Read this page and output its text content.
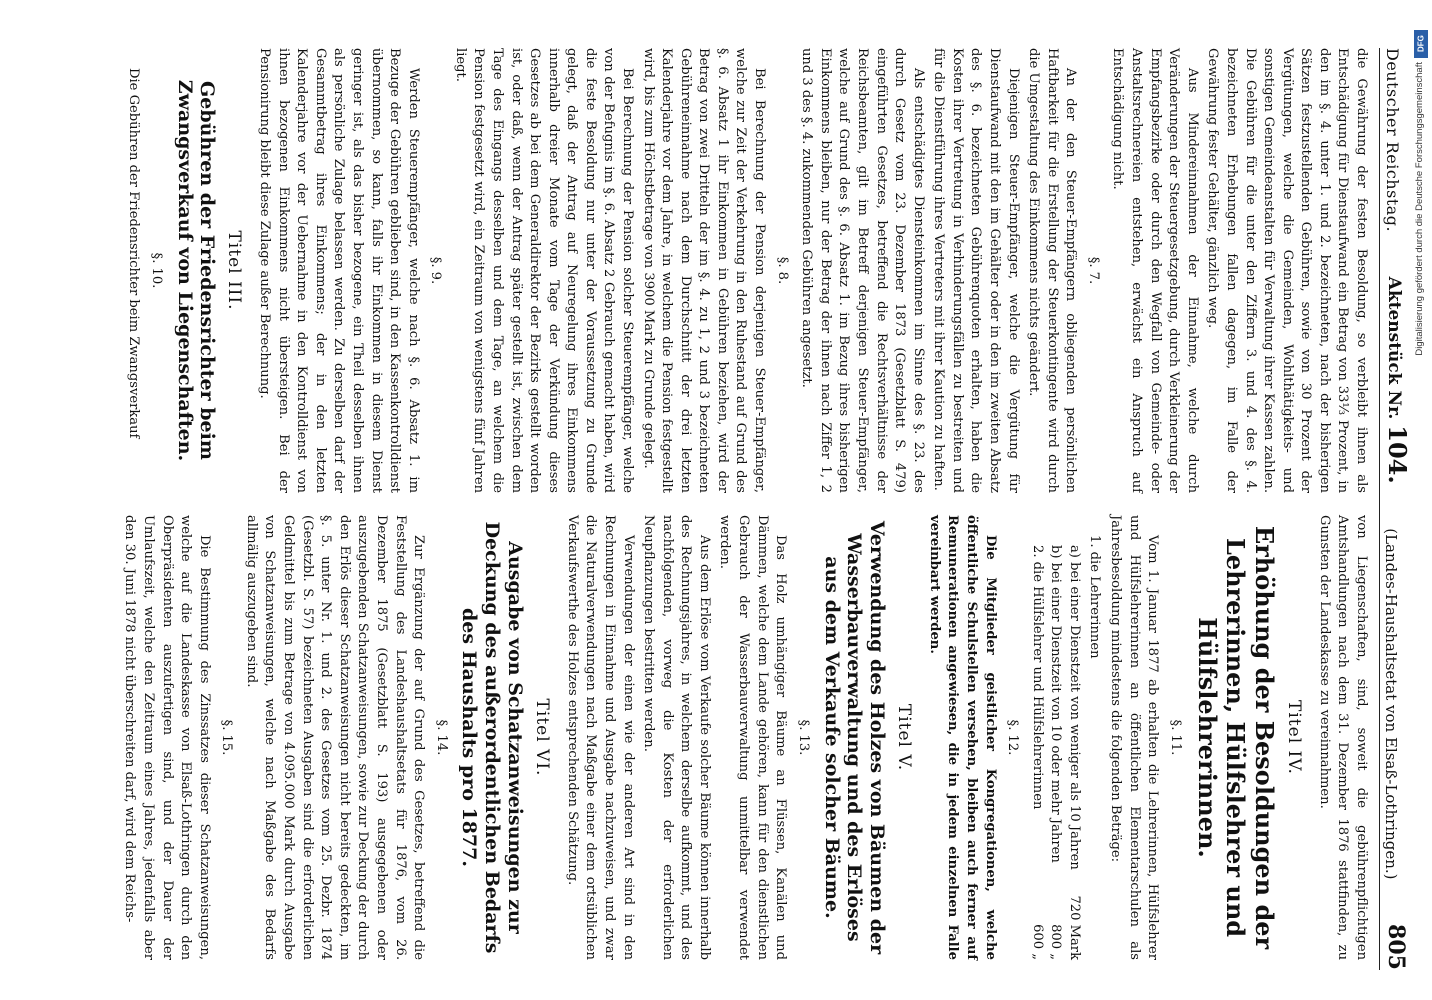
Deutscher Reichstag.
Aktenstück Nr. 104.
(Landes-Haushaltsetat von Elsaß-Lothringen.)
805

die Gewährung der festen Besoldung, so verbleibt ihnen als Entschädigung für Dienstaufwand ein Betrag von 33⅓ Prozent, in den im §. 4. unter 1. und 2. bezeichneten, nach der bisherigen Sätzen festzustellenden Gebühren, sowie von 30 Prozent der Vergütungen, welche die Gemeinden, Wohlthätigkeits- und sonstigen Gemeindeanstalten für Verwaltung ihrer Kassen zahlen. Die Gebühren für die unter den Ziffern 3. und 4. des §. 4. bezeichneten Erhebungen fallen dagegen, im Falle der Gewährung fester Gehälter, gänzlich weg.

Aus Mindereinnahmen der Einnahme, welche durch Veränderungen der Steuergesetzgebung, durch Verkleinerung der Empfangsbezirke oder durch den Wegfall von Gemeinde- oder Anstaltsrechnereien entstehen, erwächst ein Anspruch auf Entschädigung nicht.

§. 7.

An der den Steuer-Empfängern obliegenden persönlichen Haftbarkeit für die Erstellung der Steuerkontingente wird durch die Umgestaltung des Einkommens nichts geändert.

Diejenigen Steuer-Empfänger, welche die Vergütung für Dienstaufwand mit den im Gehälter oder in den im zweiten Absatz des §. 6. bezeichneten Gebührenquoten erhalten, haben die Kosten ihrer Vertretung in Verhinderungsfällen zu bestreiten und für die Dienstführung ihres Vertreters mit ihrer Kaution zu haften.

Als entschädigtes Diensteinkommen im Sinne des §. 23. des durch Gesetz vom 23. Dezember 1873 (Gesetzblatt S. 479) eingeführten Gesetzes, betreffend die Rechtsverhältnisse der Reichsbeamten, gilt im Betreff derjenigen Steuer-Empfänger, welche auf Grund des §. 6. Absatz 1. im Bezug ihres bisherigen Einkommens bleiben, nur der Betrag der ihnen nach Ziffer 1, 2 und 3 des §. 4. zukommenden Gebühren angesetzt.

§. 8.

Bei Berechnung der Pension derjenigen Steuer-Empfänger, welche zur Zeit der Verkehrung in den Ruhestand auf Grund des §. 6. Absatz 1 ihr Einkommen in Gebühren beziehen, wird der Betrag von zwei Dritteln der im §. 4. zu 1, 2 und 3 bezeichneten Gebühreneinnahme nach dem Durchschnitt der drei letzten Kalenderjahre vor dem Jahre, in welchem die Pension festgestellt wird, bis zum Höchstbetrage von 3900 Mark zu Grunde gelegt.

Bei Berechnung der Pension solcher Steuerempfänger, welche von der Befugnis im §. 6. Absatz 2 Gebrauch gemacht haben, wird die feste Besoldung nur unter der Voraussetzung zu Grunde gelegt, daß der Antrag auf Neuregelung ihres Einkommens innerhalb dreier Monate vom Tage der Verkündung dieses Gesetzes ab bei dem Generaldirektor der Bezirks gestellt worden ist, oder daß, wenn der Antrag später gestellt ist, zwischen dem Tage des Eingangs desselben und dem Tage, an welchem die Pension festgesetzt wird, ein Zeitraum von wenigstens fünf Jahren liegt.

§. 9.

Werden Steuerempfänger, welche nach §. 6. Absatz 1. im Bezuge der Gebühren geblieben sind, in den Kassenkontrolldienst übernommen, so kann, falls ihr Einkommen in diesem Dienst geringer ist, als das bisher bezogene, ein Theil desselben ihnen als persönliche Zulage belassen werden. Zu derselben darf der Gesammtbetrag ihres Einkommens; der in den letzten Kalenderjahre vor der Uebernahme in den Kontrolldienst von ihnen bezogenen Einkommens nicht übersteigen. Bei der Pensionirung bleibt diese Zulage außer Berechnung.

Titel III.
Gebühren der Friedensrichter beim Zwangsverkauf von Liegenschaften.
§. 10.

Die Gebühren der Friedensrichter beim Zwangsverkauf

von Liegenschaften, sind, soweit die gebührenpflichtigen Amtshandlungen nach dem 31. Dezember 1876 stattfinden, zu Gunsten der Landeskasse zu vereinnahmen.

Titel IV.
Erhöhung der Besoldungen der Lehrerinnen, Hülfslehrer und Hülfslehrerinnen.
§. 11.

Vom 1. Januar 1877 ab erhalten die Lehrerinnen, Hülfslehrer und Hülfslehrerinnen an öffentlichen Elementarschulen als Jahresbesoldung mindestens die folgenden Beträge:

1. die Lehrerinnen

a) bei einer Dienstzeit von weniger als 10 Jahren
720 Mark
b) bei einer Dienstzeit von 10 oder mehr Jahren
800 „
2. die Hülfslehrer und Hülfslehrerinnen
600 „
§. 12.

Die Mitglieder geistlicher Kongregationen, welche öffentliche Schulstellen versehen, bleiben auch ferner auf Remunerationen angewiesen, die in jedem einzelnen Falle vereinbart werden.

Titel V.
Verwendung des Holzes von Bäumen der Wasserbauverwaltung und des Erlöses aus dem Verkaufe solcher Bäume.
§. 13.

Das Holz umhängiger Bäume an Flüssen, Kanälen und Dämmen, welche dem Lande gehören, kann für den dienstlichen Gebrauch der Wasserbauverwaltung unmittelbar verwendet werden.

Aus dem Erlöse vom Verkaufe solcher Bäume können innerhalb des Rechnungsjahres, in welchem derselbe aufkommt, und des nachfolgenden, vorweg die Kosten der erforderlichen Neupflanzungen bestritten werden.

Verwendungen der einen wie der anderen Art sind in den Rechnungen in Einnahme und Ausgabe nachzuweisen, und zwar die Naturalverwendungen nach Maßgabe einer dem ortsüblichen Verkaufswerthe des Holzes entsprechenden Schätzung.

Titel VI.
Ausgabe von Schatzanweisungen zur Deckung des außerordentlichen Bedarfs des Haushalts pro 1877.
§. 14.

Zur Ergänzung der auf Grund des Gesetzes, betreffend die Feststellung des Landeshaushaltsetats für 1876, vom 26. Dezember 1875 (Gesetzblatt S. 193) ausgegebenen oder auszugebenden Schatzanweisungen, sowie zur Deckung der durch den Erlös dieser Schatzanweisungen nicht bereits gedeckten, im §. 5. unter Nr. 1. und 2. des Gesetzes vom 25. Dezbr. 1874 (Gesetzbl. S. 57) bezeichneten Ausgaben sind die erforderlichen Geldmittel bis zum Betrage von 4.095.000 Mark durch Ausgabe von Schatzanweisungen, welche nach Maßgabe des Bedarfs allmälig auszugeben sind.

§. 15.

Die Bestimmung des Zinssatzes dieser Schatzanweisungen, welche auf die Landeskasse von Elsaß-Lothringen durch den Oberpräsidenten auszufertigen sind, und der Dauer der Umlaufszeit, welche den Zeitraum eines Jahres, jedenfalls aber den 30. Juni 1878 nicht überschreiten darf, wird dem Reichs-

DFG
Digitalisierung gefördert durch die Deutsche Forschungsgemeinschaft
